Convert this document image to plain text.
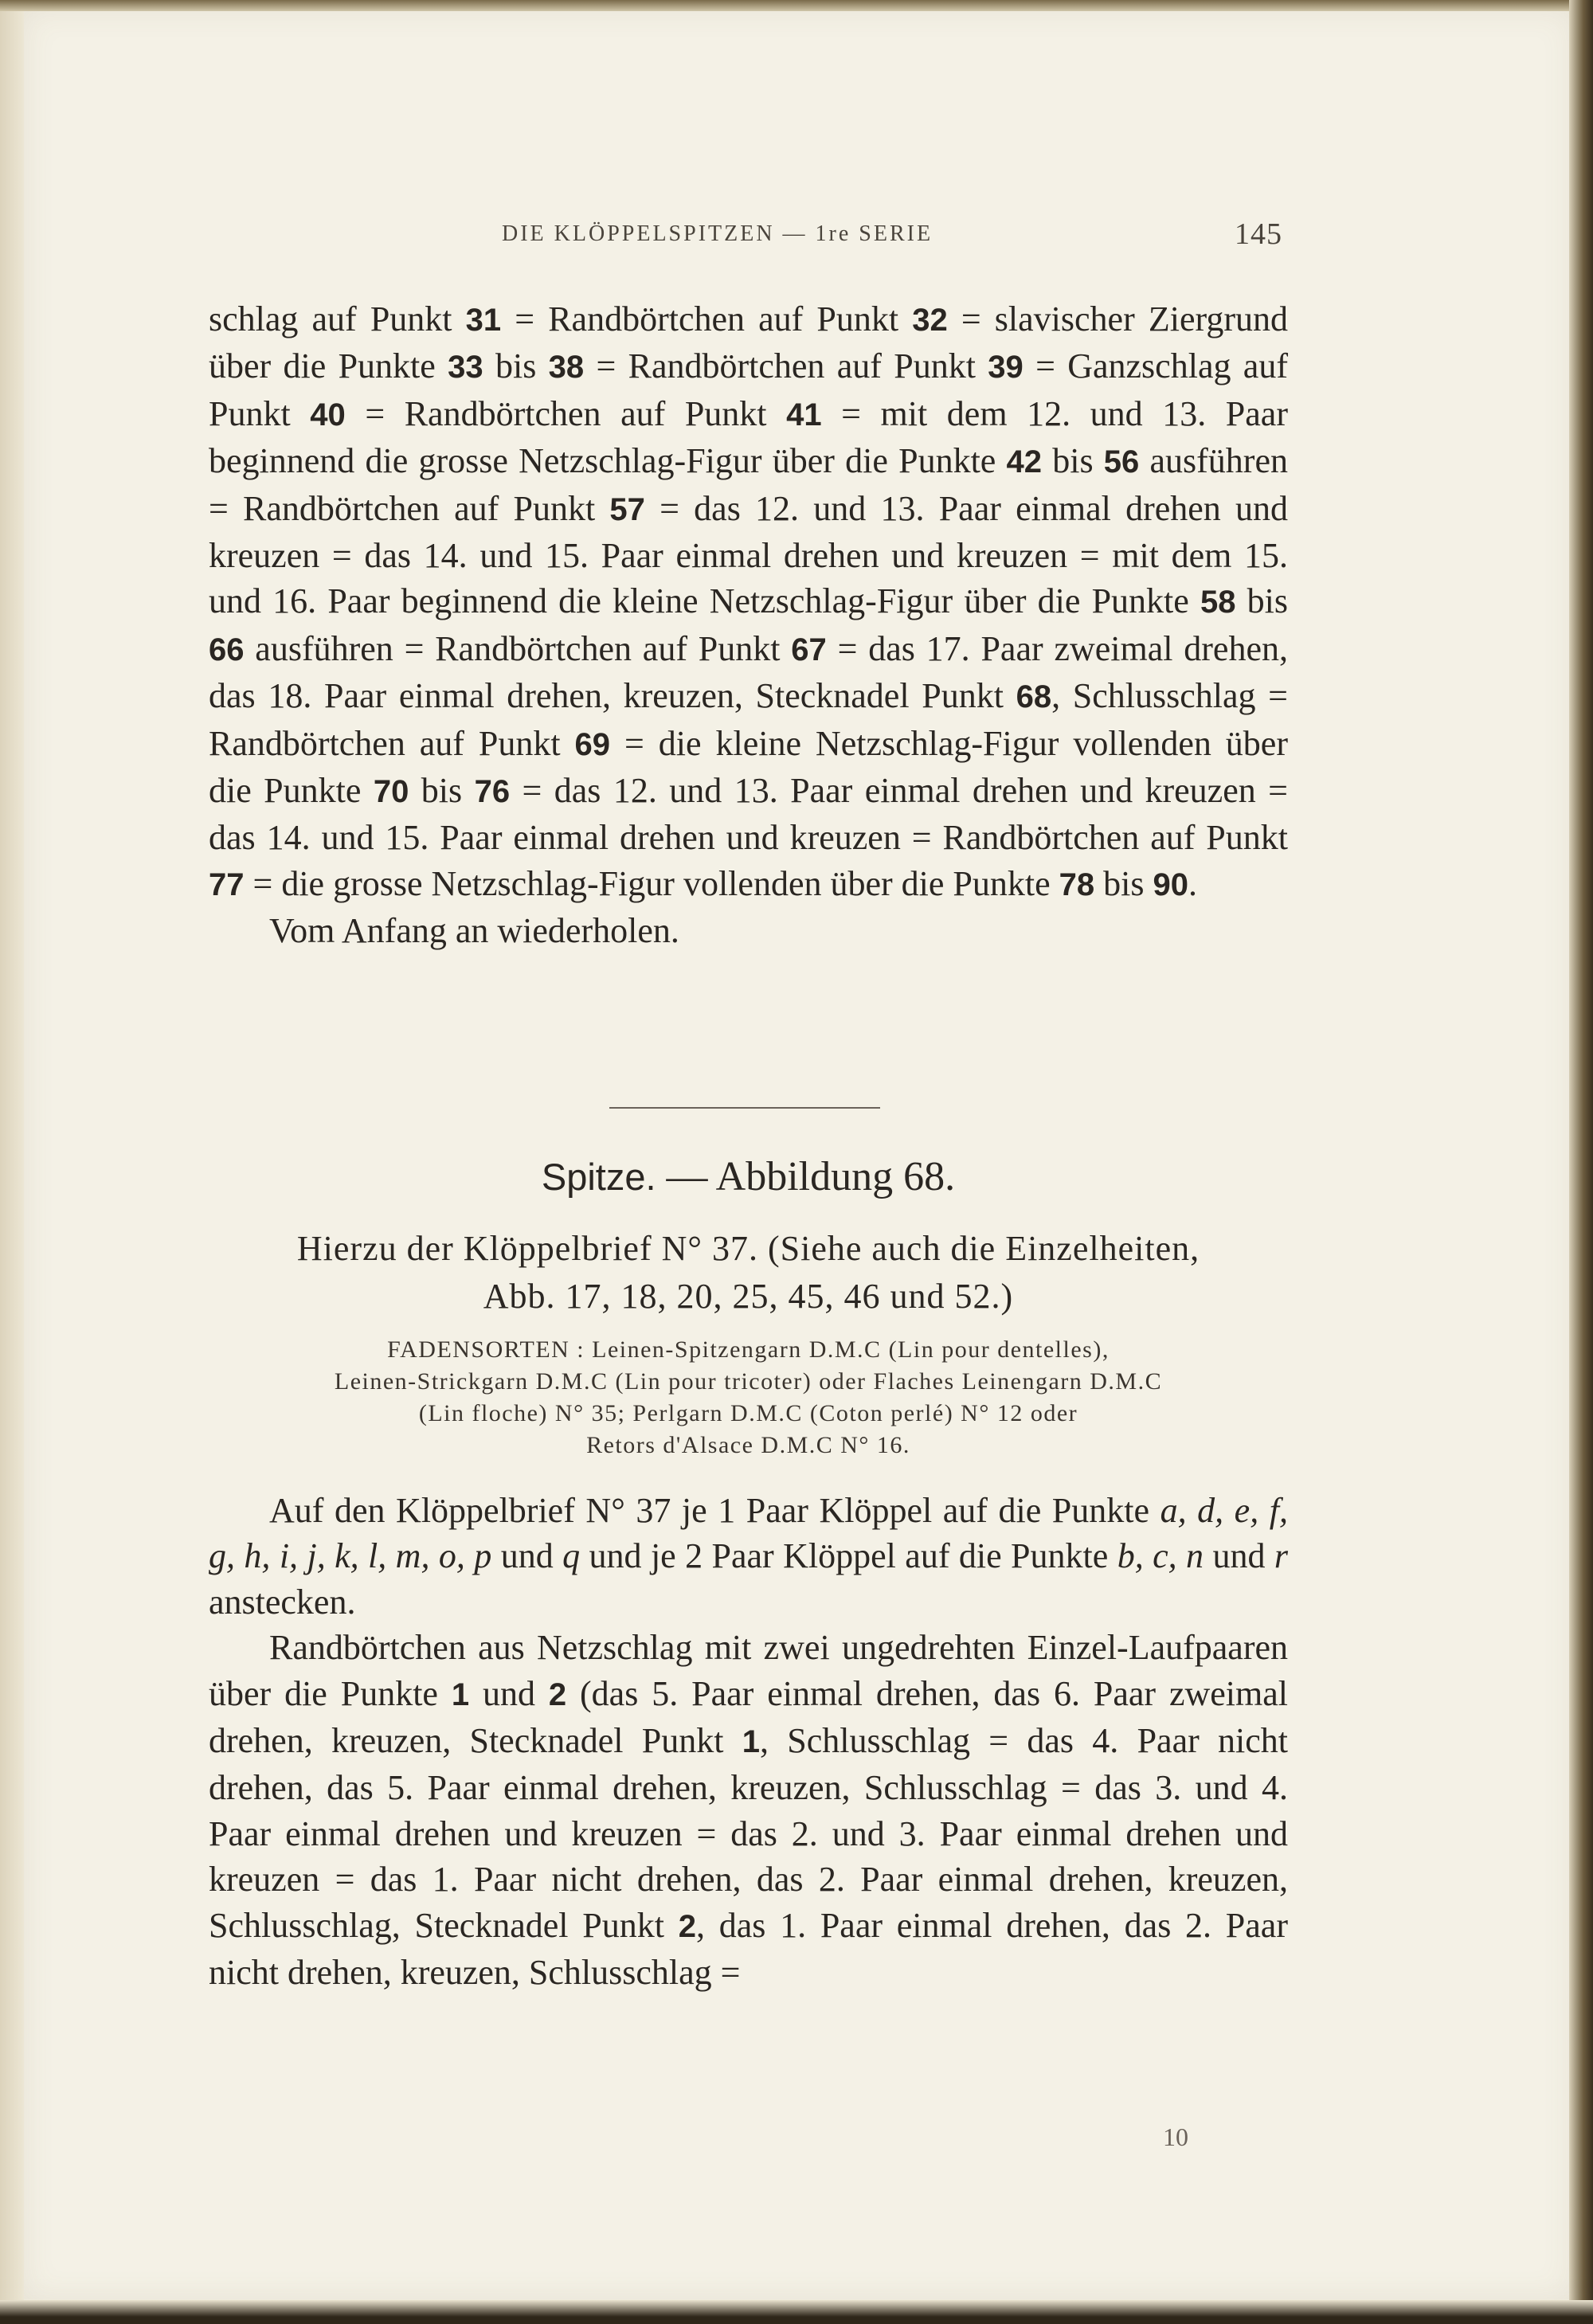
DIE KLÖPPELSPITZEN — 1re SERIE	145

schlag auf Punkt 31 = Randbörtchen auf Punkt 32 = slavischer Ziergrund über die Punkte 33 bis 38 = Randbörtchen auf Punkt 39 = Ganzschlag auf Punkt 40 = Randbörtchen auf Punkt 41 = mit dem 12. und 13. Paar beginnend die grosse Netzschlag-Figur über die Punkte 42 bis 56 ausführen = Randbörtchen auf Punkt 57 = das 12. und 13. Paar einmal drehen und kreuzen = das 14. und 15. Paar einmal drehen und kreuzen = mit dem 15. und 16. Paar beginnend die kleine Netzschlag-Figur über die Punkte 58 bis 66 ausführen = Randbörtchen auf Punkt 67 = das 17. Paar zweimal drehen, das 18. Paar einmal drehen, kreuzen, Stecknadel Punkt 68, Schlusschlag = Randbörtchen auf Punkt 69 = die kleine Netzschlag-Figur vollenden über die Punkte 70 bis 76 = das 12. und 13. Paar einmal drehen und kreuzen = das 14. und 15. Paar einmal drehen und kreuzen = Randbörtchen auf Punkt 77 = die grosse Netzschlag-Figur vollenden über die Punkte 78 bis 90.

Vom Anfang an wiederholen.

Spitze. — Abbildung 68.
Hierzu der Klöppelbrief N° 37. (Siehe auch die Einzelheiten,
Abb. 17, 18, 20, 25, 45, 46 und 52.)
FADENSORTEN : Leinen-Spitzengarn D.M.C (Lin pour dentelles),
Leinen-Strickgarn D.M.C (Lin pour tricoter) oder Flaches Leinengarn D.M.C
(Lin floche) N° 35; Perlgarn D.M.C (Coton perlé) N° 12 oder
Retors d'Alsace D.M.C N° 16.

Auf den Klöppelbrief N° 37 je 1 Paar Klöppel auf die Punkte a, d, e, f, g, h, i, j, k, l, m, o, p und q und je 2 Paar Klöppel auf die Punkte b, c, n und r anstecken.

Randbörtchen aus Netzschlag mit zwei ungedrehten Einzel-Laufpaaren über die Punkte 1 und 2 (das 5. Paar einmal drehen, das 6. Paar zweimal drehen, kreuzen, Stecknadel Punkt 1, Schlusschlag = das 4. Paar nicht drehen, das 5. Paar einmal drehen, kreuzen, Schlusschlag = das 3. und 4. Paar einmal drehen und kreuzen = das 2. und 3. Paar einmal drehen und kreuzen = das 1. Paar nicht drehen, das 2. Paar einmal drehen, kreuzen, Schlusschlag, Stecknadel Punkt 2, das 1. Paar einmal drehen, das 2. Paar nicht drehen, kreuzen, Schlusschlag =

10
